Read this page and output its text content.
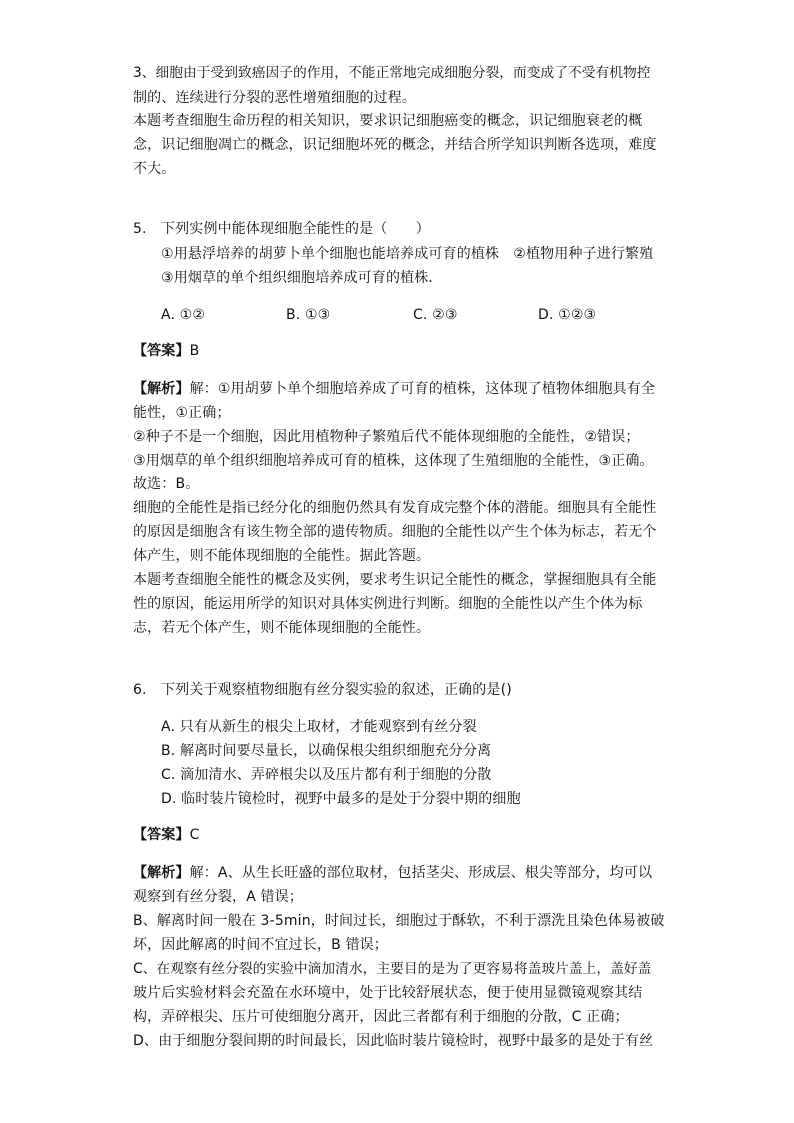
3、细胞由于受到致癌因子的作用，不能正常地完成细胞分裂，而变成了不受有机物控
制的、连续进行分裂的恶性增殖细胞的过程。
本题考查细胞生命历程的相关知识，要求识记细胞癌变的概念，识记细胞衰老的概
念，识记细胞凋亡的概念，识记细胞坏死的概念，并结合所学知识判断各选项，难度
不大。
5. 下列实例中能体现细胞全能性的是（　　）
①用悬浮培养的胡萝卜单个细胞也能培养成可育的植株　②植物用种子进行繁殖
③用烟草的单个组织细胞培养成可育的植株．
A. ①②	B. ①③	C. ②③	D. ①②③
【答案】B
【解析】解：①用胡萝卜单个细胞培养成了可育的植株，这体现了植物体细胞具有全
能性，①正确；
②种子不是一个细胞，因此用植物种子繁殖后代不能体现细胞的全能性，②错误；
③用烟草的单个组织细胞培养成可育的植株，这体现了生殖细胞的全能性，③正确。
故选：B。
细胞的全能性是指已经分化的细胞仍然具有发育成完整个体的潜能。细胞具有全能性
的原因是细胞含有该生物全部的遗传物质。细胞的全能性以产生个体为标志，若无个
体产生，则不能体现细胞的全能性。据此答题。
本题考查细胞全能性的概念及实例，要求考生识记全能性的概念，掌握细胞具有全能
性的原因，能运用所学的知识对具体实例进行判断。细胞的全能性以产生个体为标
志，若无个体产生，则不能体现细胞的全能性。
6. 下列关于观察植物细胞有丝分裂实验的叙述，正确的是()
A. 只有从新生的根尖上取材，才能观察到有丝分裂
B. 解离时间要尽量长，以确保根尖组织细胞充分分离
C. 滴加清水、弄碎根尖以及压片都有利于细胞的分散
D. 临时装片镜检时，视野中最多的是处于分裂中期的细胞
【答案】C
【解析】解：A、从生长旺盛的部位取材，包括茎尖、形成层、根尖等部分，均可以
观察到有丝分裂，A 错误；
B、解离时间一般在 3-5min，时间过长，细胞过于酥软，不利于漂洗且染色体易被破
坏，因此解离的时间不宜过长，B 错误；
C、在观察有丝分裂的实验中滴加清水，主要目的是为了更容易将盖玻片盖上，盖好盖
玻片后实验材料会充盈在水环境中，处于比较舒展状态，便于使用显微镜观察其结
构，弄碎根尖、压片可使细胞分离开，因此三者都有利于细胞的分散，C 正确；
D、由于细胞分裂间期的时间最长，因此临时装片镜检时，视野中最多的是处于有丝
